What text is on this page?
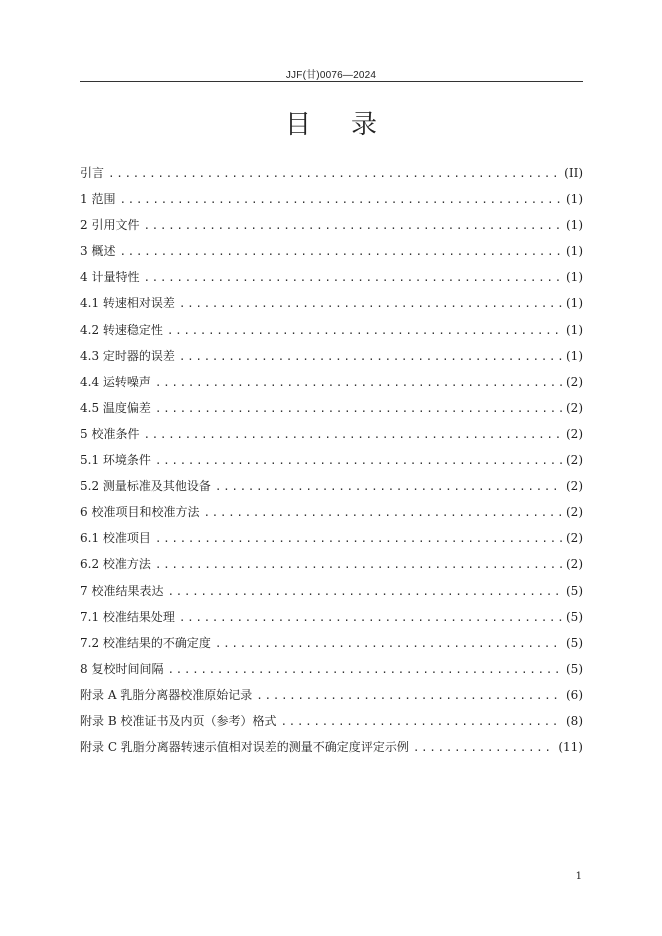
JJF(甘)0076—2024
目录
引言 .....	(II)
1 范围 .....	(1)
2 引用文件 .....	(1)
3 概述 .....	(1)
4 计量特性 .....	(1)
4.1 转速相对误差 .....	(1)
4.2 转速稳定性 .....	(1)
4.3 定时器的误差 .....	(1)
4.4 运转噪声 .....	(2)
4.5 温度偏差 .....	(2)
5 校准条件 .....	(2)
5.1 环境条件 .....	(2)
5.2 测量标准及其他设备 .....	(2)
6 校准项目和校准方法 .....	(2)
6.1 校准项目 .....	(2)
6.2 校准方法 .....	(2)
7 校准结果表达 .....	(5)
7.1 校准结果处理 .....	(5)
7.2 校准结果的不确定度 .....	(5)
8 复校时间间隔 .....	(5)
附录 A 乳脂分离器校准原始记录 .....	(6)
附录 B 校准证书及内页（参考）格式 .....	(8)
附录 C 乳脂分离器转速示值相对误差的测量不确定度评定示例 .....	(11)
1
